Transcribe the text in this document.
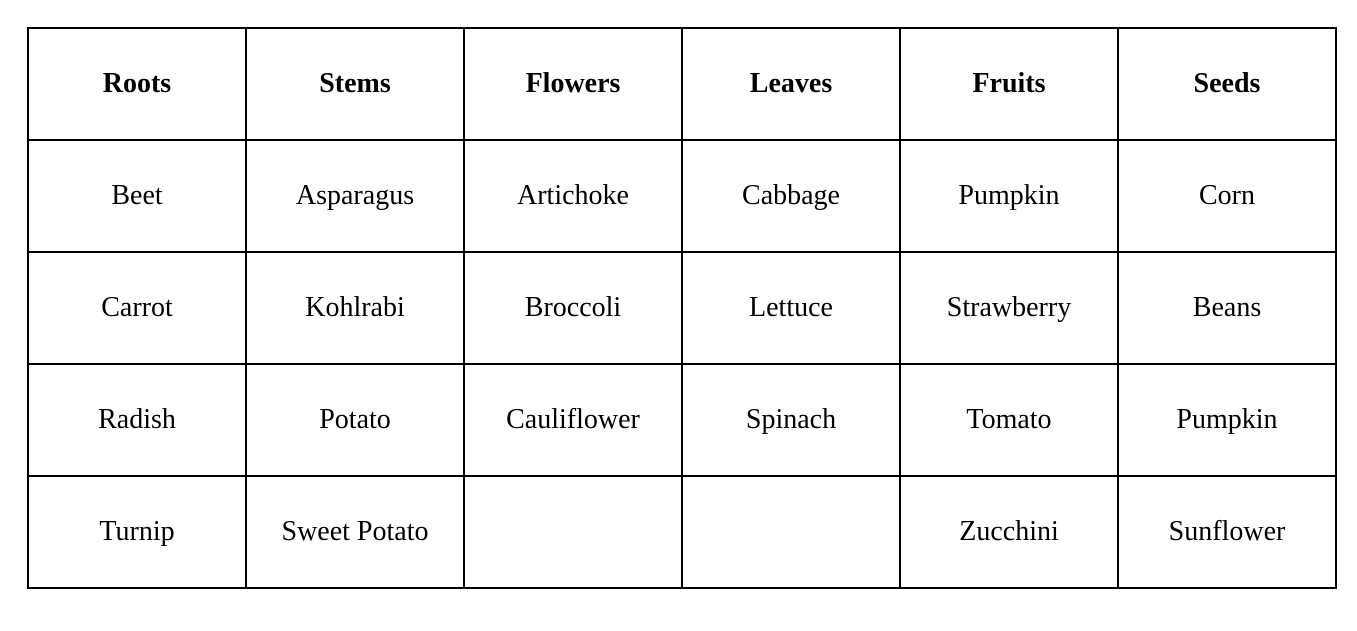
Roots	Stems	Flowers	Leaves	Fruits	Seeds
Beet	Asparagus	Artichoke	Cabbage	Pumpkin	Corn
Carrot	Kohlrabi	Broccoli	Lettuce	Strawberry	Beans
Radish	Potato	Cauliflower	Spinach	Tomato	Pumpkin
Turnip	Sweet Potato			Zucchini	Sunflower
